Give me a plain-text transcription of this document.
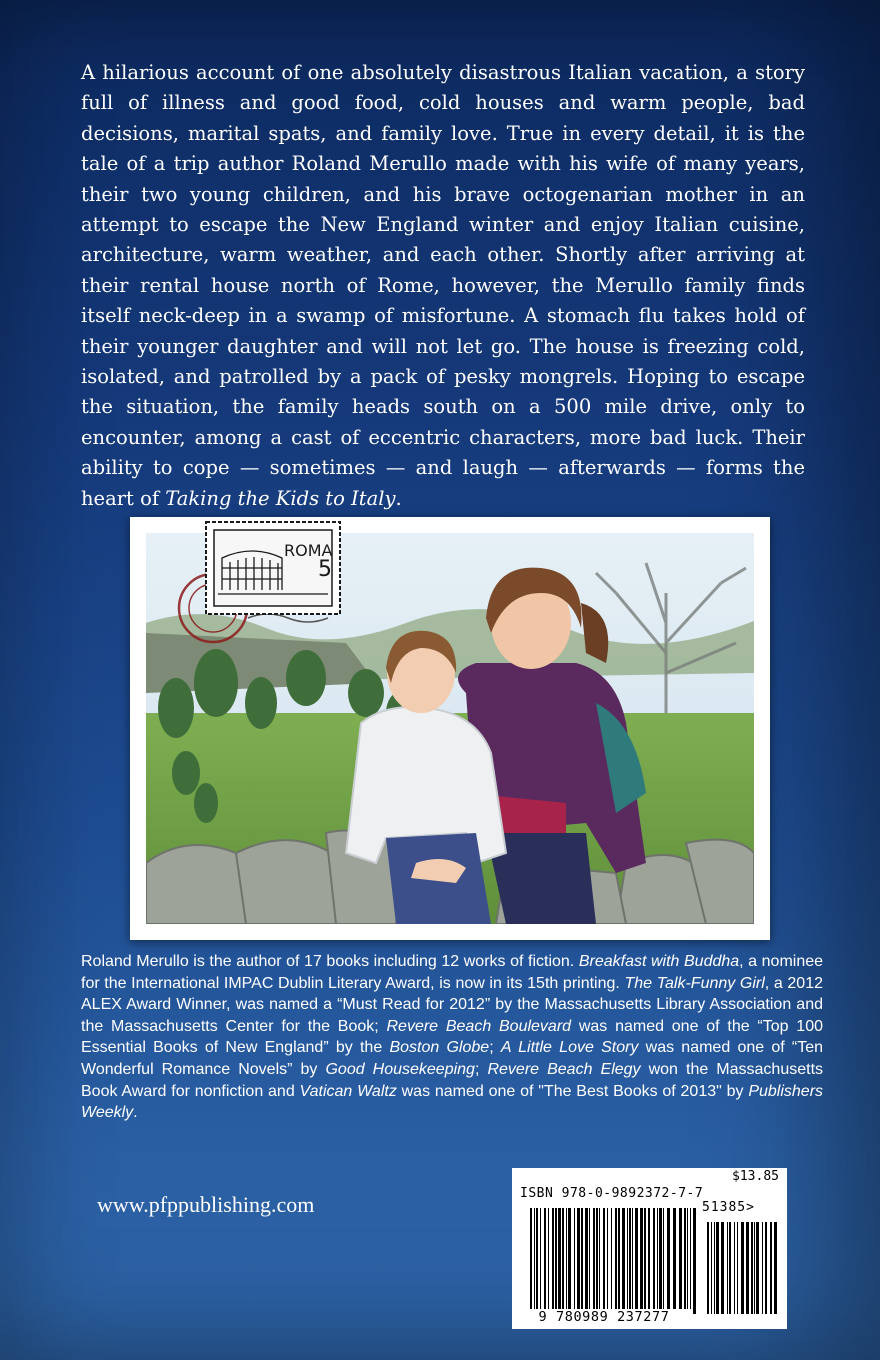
A hilarious account of one absolutely disastrous Italian vacation, a story full of illness and good food, cold houses and warm people, bad decisions, marital spats, and family love. True in every detail, it is the tale of a trip author Roland Merullo made with his wife of many years, their two young children, and his brave octogenarian mother in an attempt to escape the New England winter and enjoy Italian cuisine, architecture, warm weather, and each other. Shortly after arriving at their rental house north of Rome, however, the Merullo family finds itself neck-deep in a swamp of misfortune. A stomach flu takes hold of their younger daughter and will not let go. The house is freezing cold, isolated, and patrolled by a pack of pesky mongrels. Hoping to escape the situation, the family heads south on a 500 mile drive, only to encounter, among a cast of eccentric characters, more bad luck. Their ability to cope — sometimes — and laugh — afterwards — forms the heart of Taking the Kids to Italy.

ROMA
5

Roland Merullo is the author of 17 books including 12 works of fiction. Breakfast with Buddha, a nominee for the International IMPAC Dublin Literary Award, is now in its 15th printing. The Talk-Funny Girl, a 2012 ALEX Award Winner, was named a “Must Read for 2012” by the Massachusetts Library Association and the Massachusetts Center for the Book; Revere Beach Boulevard was named one of the “Top 100 Essential Books of New England” by the Boston Globe; A Little Love Story was named one of “Ten Wonderful Romance Novels” by Good Housekeeping; Revere Beach Elegy won the Massachusetts Book Award for nonfiction and Vatican Waltz was named one of "The Best Books of 2013" by Publishers Weekly.

www.pfppublishing.com
$13.85
ISBN 978-0-9892372-7-7
51385>
9 780989 237277
